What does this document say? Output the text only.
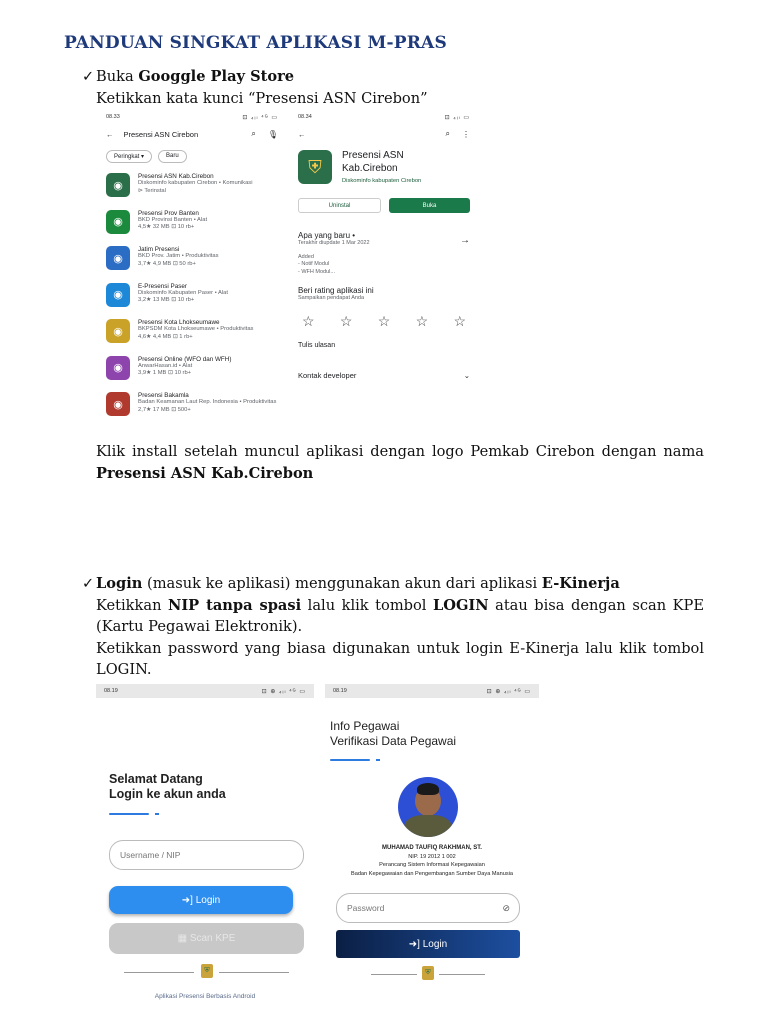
PANDUAN SINGKAT APLIKASI M-PRAS
✓ Buka Googgle Play Store
Ketikkan kata kunci “Presensi ASN Cirebon”
08.33	⊡ ₄ᵢₗ ⁴ᴳ ▭
← Presensi ASN Cirebon	⌕ 🎙
Peringkat ▾	Baru
◉
Presensi ASN Kab.Cirebon
Diskominfo kabupaten Cirebon • Komunikasi
⊳ Terinstal
◉
Presensi Prov Banten
BKD Provinsi Banten • Alat
4,5★ 32 MB ⊡ 10 rb+
◉
Jatim Presensi
BKD Prov. Jatim • Produktivitas
3,7★ 4,9 MB ⊡ 50 rb+
◉
E-Presensi Paser
Diskominfo Kabupaten Paser • Alat
3,2★ 13 MB ⊡ 10 rb+
◉
Presensi Kota Lhokseumawe
BKPSDM Kota Lhokseumawe • Produktivitas
4,6★ 4,4 MB ⊡ 1 rb+
◉
Presensi Online (WFO dan WFH)
AnwarHasan.id • Alat
3,9★ 1 MB ⊡ 10 rb+
◉
Presensi Bakamla
Badan Keamanan Laut Rep. Indonesia • Produktivitas
2,7★ 17 MB ⊡ 500+
08.34	⊡ ₄ᵢₗ ▭
←	⌕ ⋮
⛨
Presensi ASN
Kab.Cirebon
Diskominfo kabupaten Cirebon
Uninstal	Buka
Apa yang baru •
Terakhir diupdate 1 Mar 2022	→
Added
- Notif Modul
- WFH Modul...
Beri rating aplikasi ini
Sampaikan pendapat Anda
☆ ☆ ☆ ☆ ☆
Tulis ulasan
Kontak developer	⌄
Klik install setelah muncul aplikasi dengan logo Pemkab Cirebon dengan nama Presensi ASN Kab.Cirebon
✓ Login (masuk ke aplikasi) menggunakan akun dari aplikasi E-Kinerja
Ketikkan NIP tanpa spasi lalu klik tombol LOGIN atau bisa dengan scan KPE (Kartu Pegawai Elektronik).
Ketikkan password yang biasa digunakan untuk login E-Kinerja lalu klik tombol LOGIN.
08.19	⊡ ⊕ ₄ᵢₗ ⁴ᴳ ▭
Selamat Datang
Login ke akun anda
Username / NIP
➜] Login
▦ Scan KPE
⛨
Aplikasi Presensi Berbasis Android
08.19	⊡ ⊕ ₄ᵢₗ ⁴ᴳ ▭
Info Pegawai
Verifikasi Data Pegawai
MUHAMAD TAUFIQ RAKHMAN, ST.
NIP. 19 2012 1 002
Perancang Sistem Informasi Kepegawaian
Badan Kepegawaian dan Pengembangan Sumber Daya Manusia
Password	⊘
➜] Login
⛨
